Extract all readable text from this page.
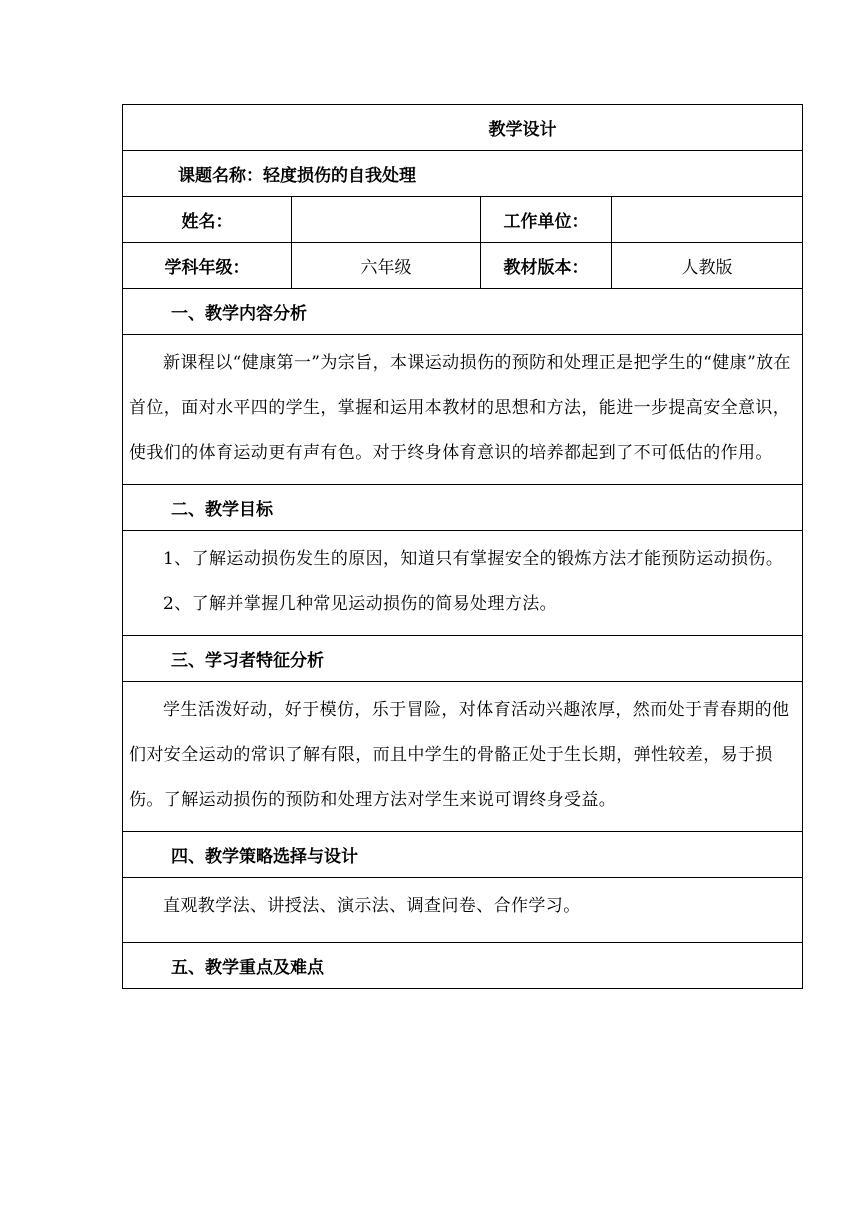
教学设计			
课题名称：轻度损伤的自我处理			
姓名：		工作单位：	
学科年级：	六年级	教材版本：	人教版
一、教学内容分析			

新课程以“健康第一”为宗旨，本课运动损伤的预防和处理正是把学生的“健康”放在首位，面对水平四的学生，掌握和运用本教材的思想和方法，能进一步提高安全意识，使我们的体育运动更有声有色。对于终身体育意识的培养都起到了不可低估的作用。			

二、教学目标			

1、了解运动损伤发生的原因，知道只有掌握安全的锻炼方法才能预防运动损伤。

2、了解并掌握几种常见运动损伤的简易处理方法。			

三、学习者特征分析			

学生活泼好动，好于模仿，乐于冒险，对体育活动兴趣浓厚，然而处于青春期的他们对安全运动的常识了解有限，而且中学生的骨骼正处于生长期，弹性较差，易于损伤。了解运动损伤的预防和处理方法对学生来说可谓终身受益。			

四、教学策略选择与设计			

直观教学法、讲授法、演示法、调查问卷、合作学习。			

五、教学重点及难点			
